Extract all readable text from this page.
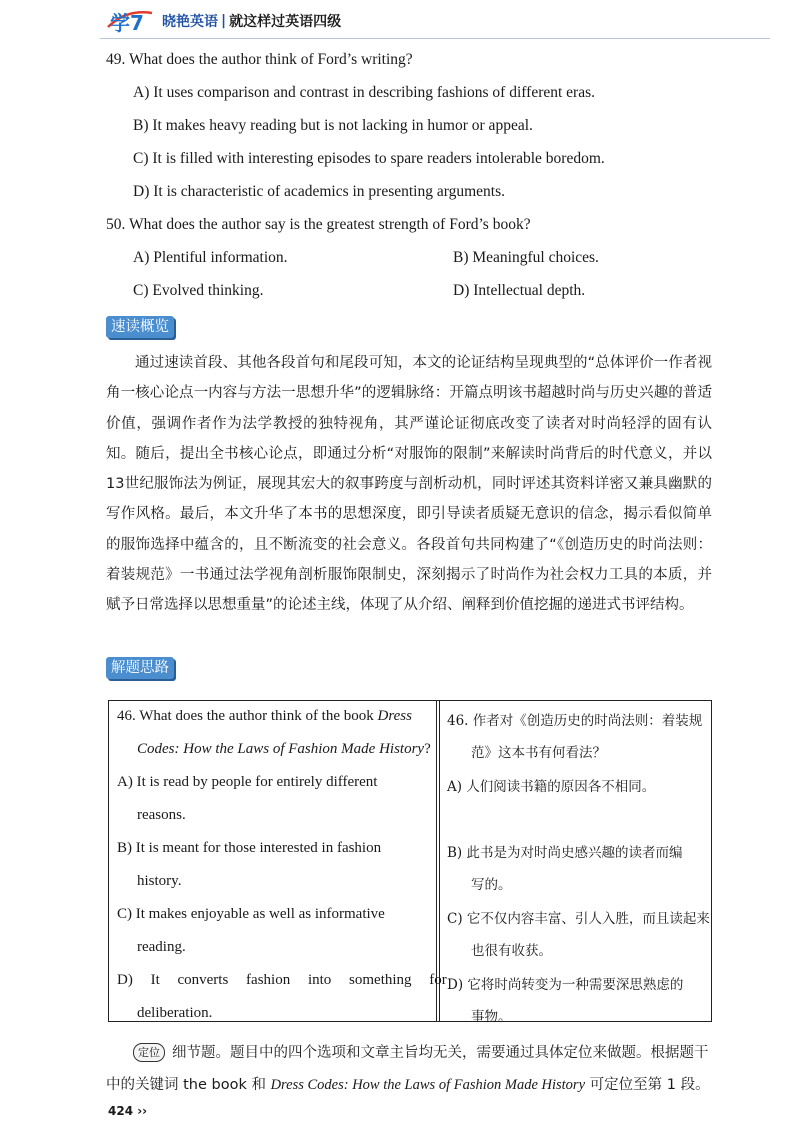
学7 晓艳英语 | 就这样过英语四级
49. What does the author think of Ford’s writing?
A) It uses comparison and contrast in describing fashions of different eras.
B) It makes heavy reading but is not lacking in humor or appeal.
C) It is filled with interesting episodes to spare readers intolerable boredom.
D) It is characteristic of academics in presenting arguments.
50. What does the author say is the greatest strength of Ford’s book?
A) Plentiful information.	B) Meaningful choices.
C) Evolved thinking.	D) Intellectual depth.
速读概览

通过速读首段、其他各段首句和尾段可知，本文的论证结构呈现典型的“总体评价一作者视角一核心论点一内容与方法一思想升华”的逻辑脉络：开篇点明该书超越时尚与历史兴趣的普适价值，强调作者作为法学教授的独特视角，其严谨论证彻底改变了读者对时尚轻浮的固有认知。随后，提出全书核心论点，即通过分析“对服饰的限制”来解读时尚背后的时代意义，并以13世纪服饰法为例证，展现其宏大的叙事跨度与剖析动机，同时评述其资料详密又兼具幽默的写作风格。最后，本文升华了本书的思想深度，即引导读者质疑无意识的信念，揭示看似简单的服饰选择中蕴含的，且不断流变的社会意义。各段首句共同构建了“《创造历史的时尚法则：着装规范》一书通过法学视角剖析服饰限制史，深刻揭示了时尚作为社会权力工具的本质，并赋予日常选择以思想重量”的论述主线，体现了从介绍、阐释到价值挖掘的递进式书评结构。

解题思路
46. What does the author think of the book Dress
Codes: How the Laws of Fashion Made History?
A) It is read by people for entirely different
reasons.
B) It is meant for those interested in fashion
history.
C) It makes enjoyable as well as informative
reading.
D) It converts fashion into something for
deliberation.
46. 作者对《创造历史的时尚法则：着装规
范》这本书有何看法？
A) 人们阅读书籍的原因各不相同。
B) 此书是为对时尚史感兴趣的读者而编
写的。
C) 它不仅内容丰富、引人入胜，而且读起来
也很有收获。
D) 它将时尚转变为一种需要深思熟虑的
事物。
定位 细节题。题目中的四个选项和文章主旨均无关，需要通过具体定位来做题。根据题干
中的关键词 the book 和 Dress Codes: How the Laws of Fashion Made History 可定位至第 1 段。
424 ››
